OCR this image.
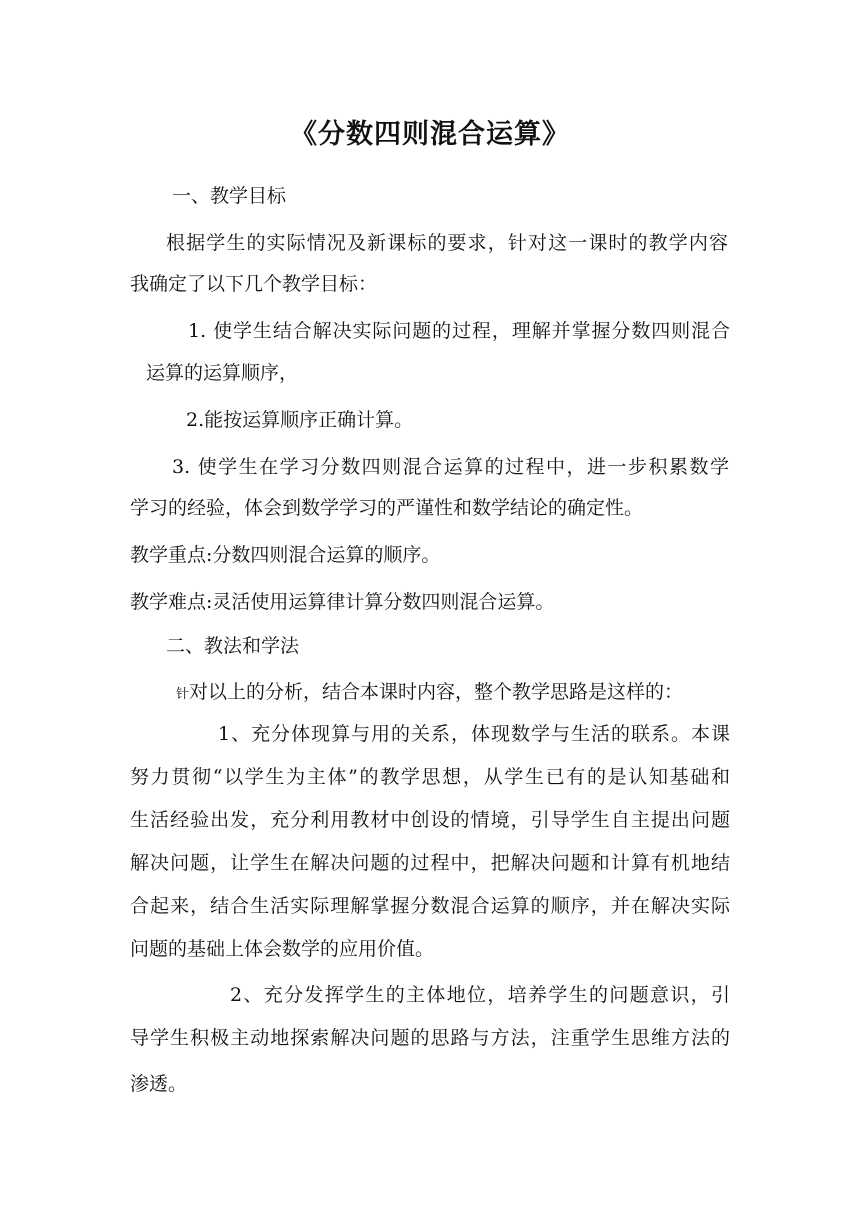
《分数四则混合运算》
一、教学目标
根据学生的实际情况及新课标的要求，针对这一课时的教学内容
我确定了以下几个教学目标：
1. 使学生结合解决实际问题的过程，理解并掌握分数四则混合
运算的运算顺序，
2.能按运算顺序正确计算。
3. 使学生在学习分数四则混合运算的过程中，进一步积累数学
学习的经验，体会到数学学习的严谨性和数学结论的确定性。
教学重点:分数四则混合运算的顺序。
教学难点:灵活使用运算律计算分数四则混合运算。
二、教法和学法
针对以上的分析，结合本课时内容，整个教学思路是这样的：
1、充分体现算与用的关系，体现数学与生活的联系。本课
努力贯彻“以学生为主体”的教学思想，从学生已有的是认知基础和
生活经验出发，充分利用教材中创设的情境，引导学生自主提出问题
解决问题，让学生在解决问题的过程中，把解决问题和计算有机地结
合起来，结合生活实际理解掌握分数混合运算的顺序，并在解决实际
问题的基础上体会数学的应用价值。
2、充分发挥学生的主体地位，培养学生的问题意识，引
导学生积极主动地探索解决问题的思路与方法，注重学生思维方法的
渗透。
